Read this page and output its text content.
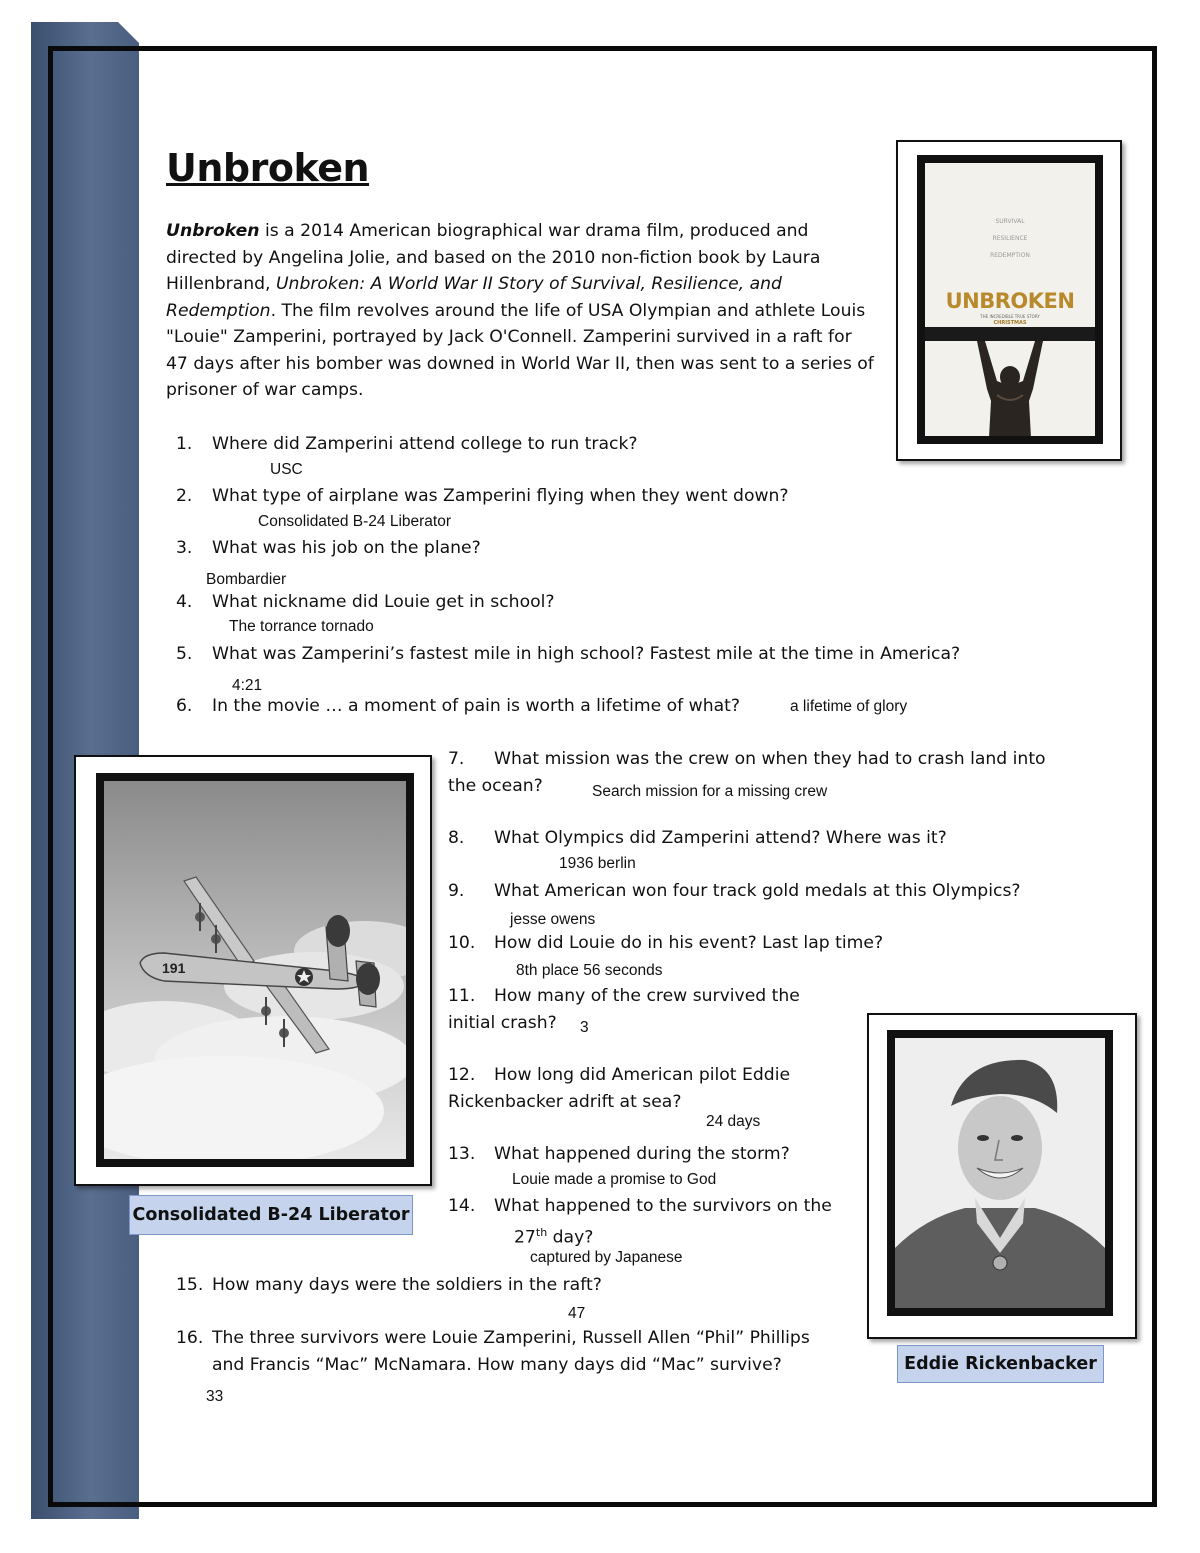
Unbroken

Unbroken is a 2014 American biographical war drama film, produced and directed by Angelina Jolie, and based on the 2010 non-fiction book by Laura Hillenbrand, Unbroken: A World War II Story of Survival, Resilience, and Redemption. The film revolves around the life of USA Olympian and athlete Louis "Louie" Zamperini, portrayed by Jack O'Connell. Zamperini survived in a raft for 47 days after his bomber was downed in World War II, then was sent to a series of prisoner of war camps.

SURVIVAL
RESILIENCE
REDEMPTION
UNBROKEN
THE INCREDIBLE TRUE STORY
CHRISTMAS
1. Where did Zamperini attend college to run track?
USC
2. What type of airplane was Zamperini flying when they went down?
Consolidated B-24 Liberator
3. What was his job on the plane?
Bombardier
4. What nickname did Louie get in school?
The torrance tornado
5. What was Zamperini’s fastest mile in high school? Fastest mile at the time in America?
4:21
6. In the movie … a moment of pain is worth a lifetime of what?	a lifetime of glory
191
Consolidated B-24 Liberator
7. What mission was the crew on when they had to crash land into
the ocean?	Search mission for a missing crew
8. What Olympics did Zamperini attend? Where was it?
1936 berlin
9. What American won four track gold medals at this Olympics?
jesse owens
10. How did Louie do in his event? Last lap time?
8th place 56 seconds
11. How many of the crew survived the
initial crash?	3
12. How long did American pilot Eddie
Rickenbacker adrift at sea?
24 days
13. What happened during the storm?
Louie made a promise to God
14. What happened to the survivors on the
27th day?
captured by Japanese
Eddie Rickenbacker
15. How many days were the soldiers in the raft?
47
16. The three survivors were Louie Zamperini, Russell Allen “Phil” Phillips
and Francis “Mac” McNamara. How many days did “Mac” survive?
33
